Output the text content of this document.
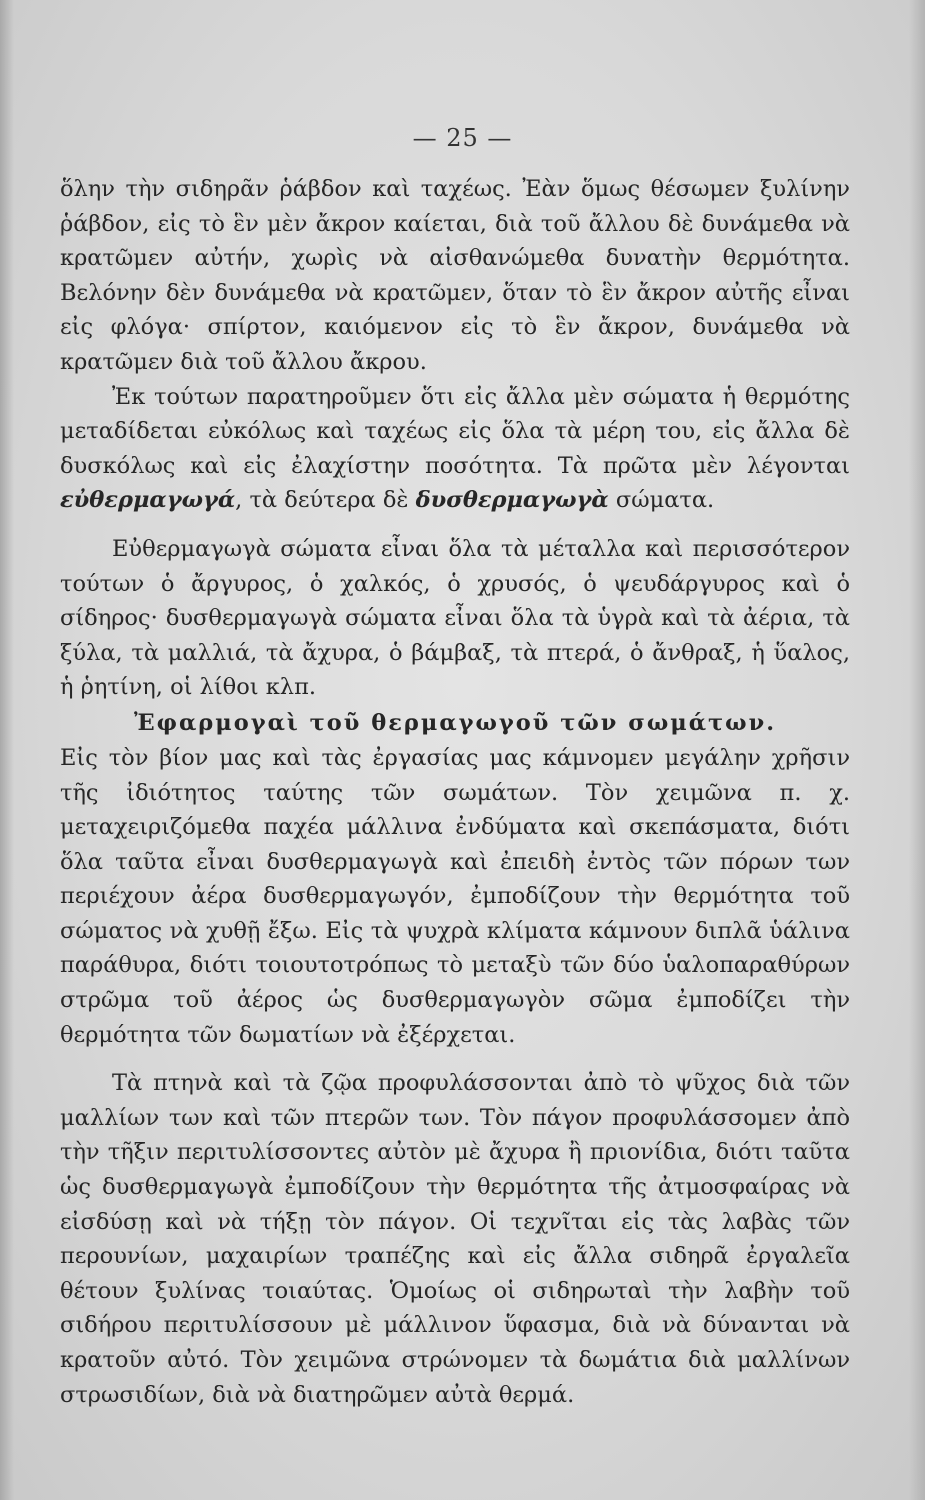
— 25 —

ὅλην τὴν σιδηρᾶν ῥάβδον καὶ ταχέως. Ἐὰν ὅμως θέσωμεν ξυλίνην ῥάβδον, εἰς τὸ ἓν μὲν ἄκρον καίεται, διὰ τοῦ ἄλλου δὲ δυνάμεθα νὰ κρατῶμεν αὐτήν, χωρὶς νὰ αἰσθανώμεθα δυνατὴν θερμότητα. Βελόνην δὲν δυνάμεθα νὰ κρατῶμεν, ὅταν τὸ ἓν ἄκρον αὐτῆς εἶναι εἰς φλόγα· σπίρτον, καιόμενον εἰς τὸ ἓν ἄκρον, δυνάμεθα νὰ κρατῶμεν διὰ τοῦ ἄλλου ἄκρου.

Ἐκ τούτων παρατηροῦμεν ὅτι εἰς ἄλλα μὲν σώματα ἡ θερμότης μεταδίδεται εὐκόλως καὶ ταχέως εἰς ὅλα τὰ μέρη του, εἰς ἄλλα δὲ δυσκόλως καὶ εἰς ἐλαχίστην ποσότητα. Τὰ πρῶτα μὲν λέγονται εὐθερμαγωγά, τὰ δεύτερα δὲ δυσθερμαγωγὰ σώματα.

Εὐθερμαγωγὰ σώματα εἶναι ὅλα τὰ μέταλλα καὶ περισσότερον τούτων ὁ ἄργυρος, ὁ χαλκός, ὁ χρυσός, ὁ ψευδάργυρος καὶ ὁ σίδηρος· δυσθερμαγωγὰ σώματα εἶναι ὅλα τὰ ὑγρὰ καὶ τὰ ἀέρια, τὰ ξύλα, τὰ μαλλιά, τὰ ἄχυρα, ὁ βάμβαξ, τὰ πτερά, ὁ ἄνθραξ, ἡ ὕαλος, ἡ ῥητίνη, οἱ λίθοι κλπ.

Ἐφαρμογαὶ τοῦ θερμαγωγοῦ τῶν σωμάτων.

Εἰς τὸν βίον μας καὶ τὰς ἐργασίας μας κάμνομεν μεγάλην χρῆσιν τῆς ἰδιότητος ταύτης τῶν σωμάτων. Τὸν χειμῶνα π. χ. μεταχειριζόμεθα παχέα μάλλινα ἐνδύματα καὶ σκεπάσματα, διότι ὅλα ταῦτα εἶναι δυσθερμαγωγὰ καὶ ἐπειδὴ ἐντὸς τῶν πόρων των περιέχουν ἀέρα δυσθερμαγωγόν, ἐμποδίζουν τὴν θερμότητα τοῦ σώματος νὰ χυθῇ ἔξω. Εἰς τὰ ψυχρὰ κλίματα κάμνουν διπλᾶ ὑάλινα παράθυρα, διότι τοιουτοτρόπως τὸ μεταξὺ τῶν δύο ὑαλοπαραθύρων στρῶμα τοῦ ἀέρος ὡς δυσθερμαγωγὸν σῶμα ἐμποδίζει τὴν θερμότητα τῶν δωματίων νὰ ἐξέρχεται.

Τὰ πτηνὰ καὶ τὰ ζῷα προφυλάσσονται ἀπὸ τὸ ψῦχος διὰ τῶν μαλλίων των καὶ τῶν πτερῶν των. Τὸν πάγον προφυλάσσομεν ἀπὸ τὴν τῆξιν περιτυλίσσοντες αὐτὸν μὲ ἄχυρα ἢ πριονίδια, διότι ταῦτα ὡς δυσθερμαγωγὰ ἐμποδίζουν τὴν θερμότητα τῆς ἀτμοσφαίρας νὰ εἰσδύσῃ καὶ νὰ τήξῃ τὸν πάγον. Οἱ τεχνῖται εἰς τὰς λαβὰς τῶν περουνίων, μαχαιρίων τραπέζης καὶ εἰς ἄλλα σιδηρᾶ ἐργαλεῖα θέτουν ξυλίνας τοιαύτας. Ὁμοίως οἱ σιδηρωταὶ τὴν λαβὴν τοῦ σιδήρου περιτυλίσσουν μὲ μάλλινον ὕφασμα, διὰ νὰ δύνανται νὰ κρατοῦν αὐτό. Τὸν χειμῶνα στρώνομεν τὰ δωμάτια διὰ μαλλίνων στρωσιδίων, διὰ νὰ διατηρῶμεν αὐτὰ θερμά.
